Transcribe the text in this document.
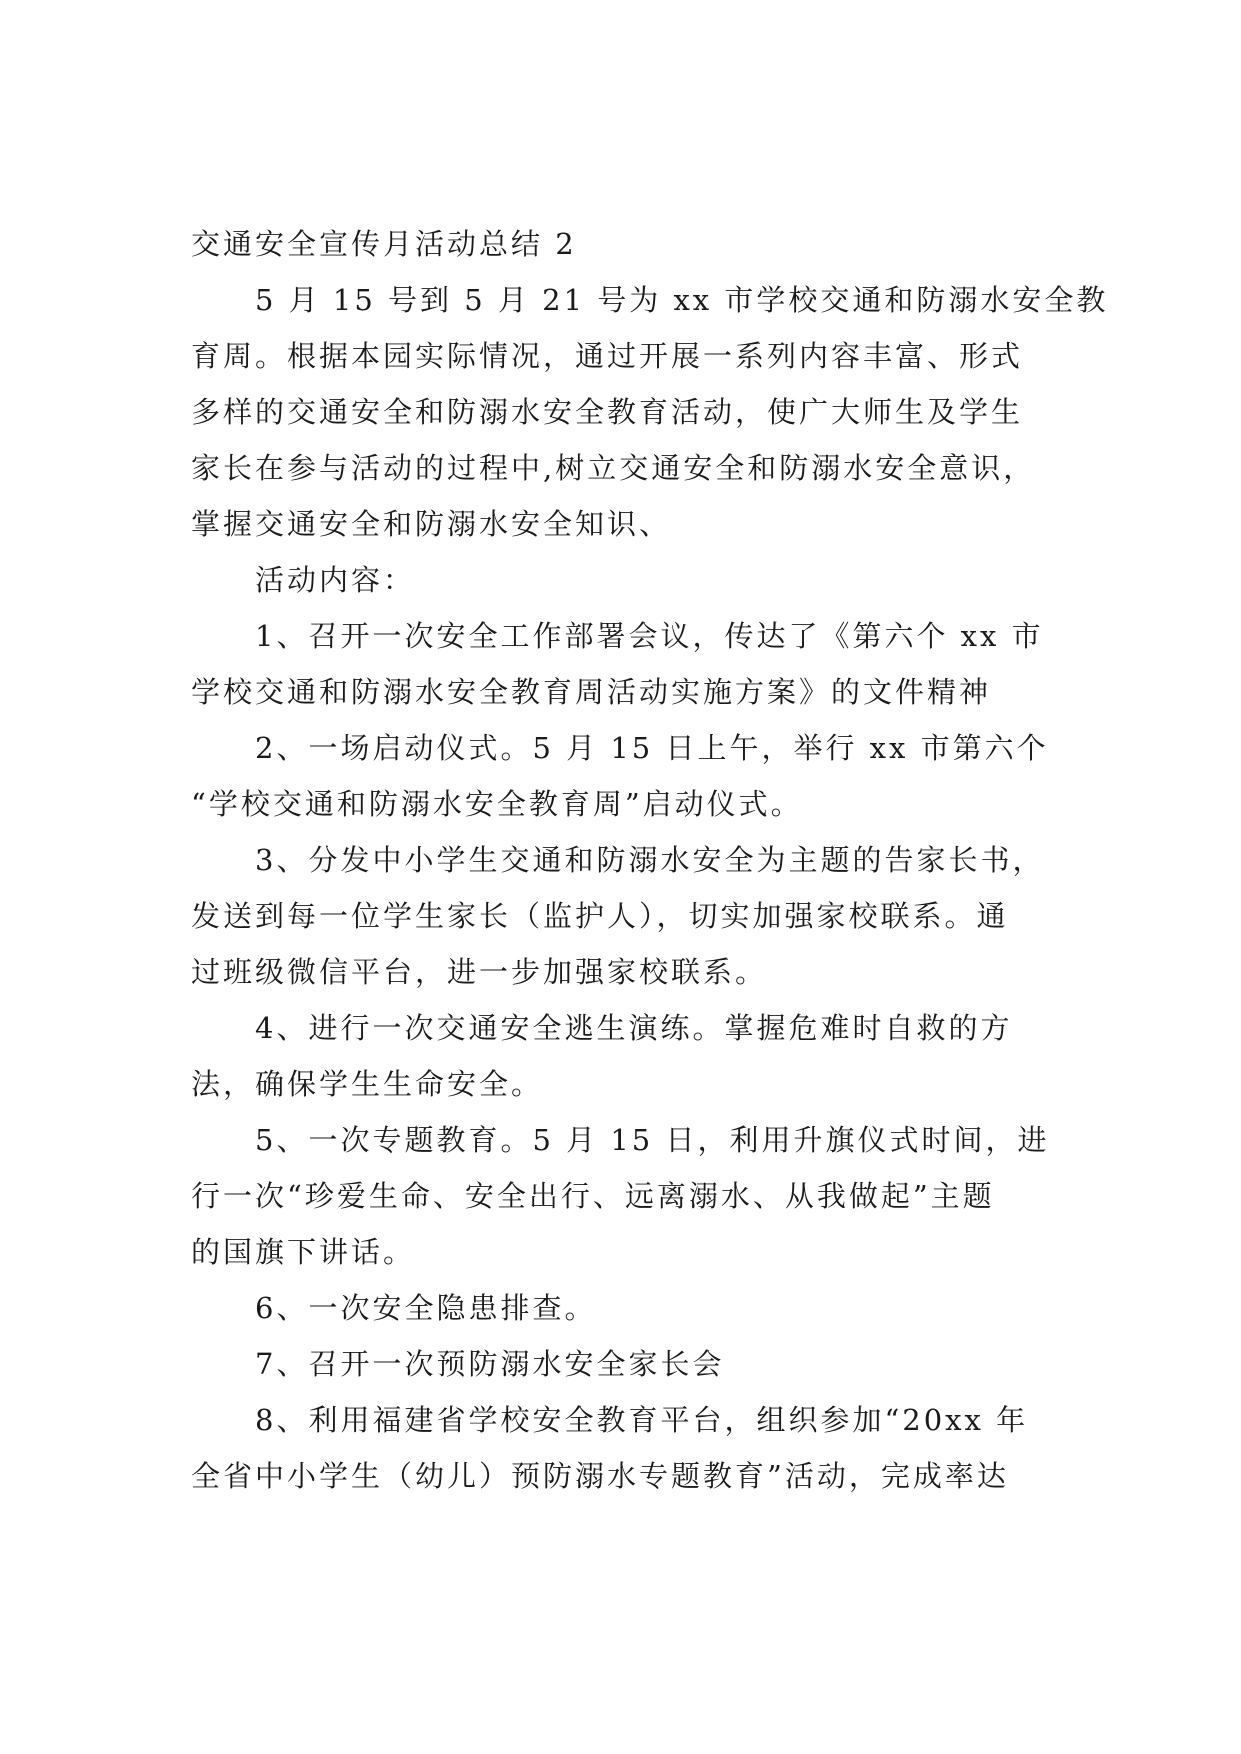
交通安全宣传月活动总结 2
5 月 15 号到 5 月 21 号为 xx 市学校交通和防溺水安全教
育周。根据本园实际情况，通过开展一系列内容丰富、形式
多样的交通安全和防溺水安全教育活动，使广大师生及学生
家长在参与活动的过程中,树立交通安全和防溺水安全意识，
掌握交通安全和防溺水安全知识、
活动内容：
1、召开一次安全工作部署会议，传达了《第六个 xx 市
学校交通和防溺水安全教育周活动实施方案》的文件精神
2、一场启动仪式。5 月 15 日上午，举行 xx 市第六个
“学校交通和防溺水安全教育周”启动仪式。
3、分发中小学生交通和防溺水安全为主题的告家长书，
发送到每一位学生家长（监护人），切实加强家校联系。通
过班级微信平台，进一步加强家校联系。
4、进行一次交通安全逃生演练。掌握危难时自救的方
法，确保学生生命安全。
5、一次专题教育。5 月 15 日，利用升旗仪式时间，进
行一次“珍爱生命、安全出行、远离溺水、从我做起”主题
的国旗下讲话。
6、一次安全隐患排查。
7、召开一次预防溺水安全家长会
8、利用福建省学校安全教育平台，组织参加“20xx 年
全省中小学生（幼儿）预防溺水专题教育”活动，完成率达
